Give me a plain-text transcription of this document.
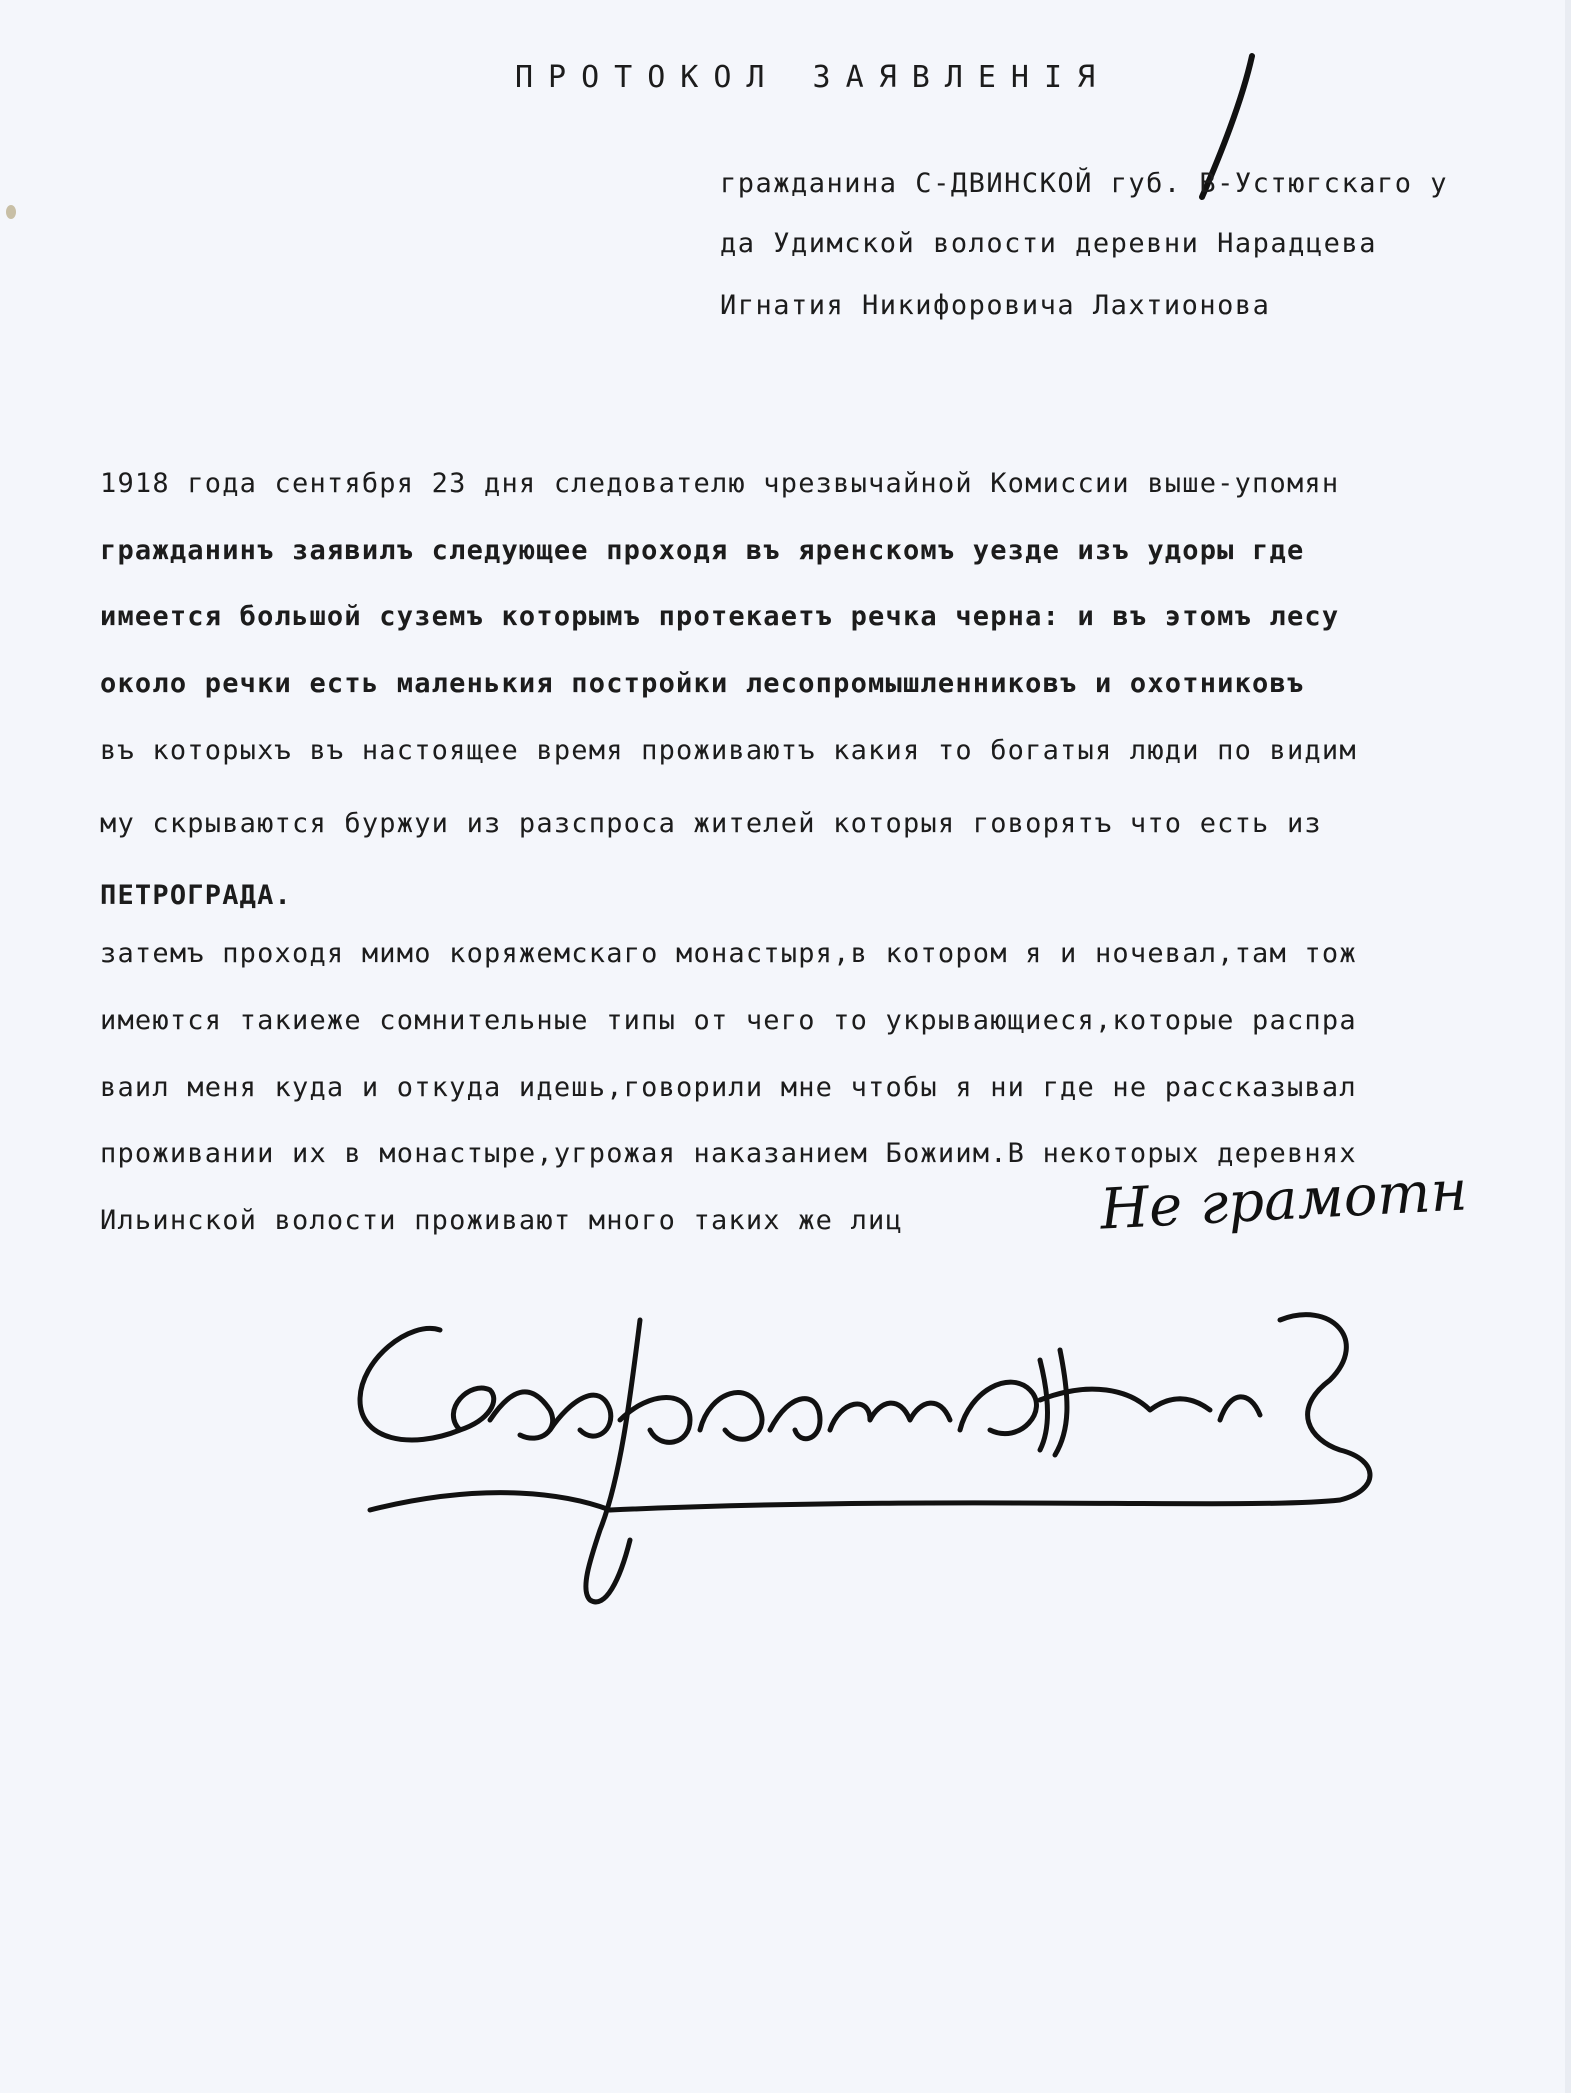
ПРОТОКОЛ ЗАЯВЛЕНІЯ
гражданина С-ДВИНСКОЙ губ. В-Устюгскаго у
да Удимской волости деревни Нарадцева
Игнатия Никифоровича Лахтионова
1918 года сентября 23 дня следователю чрезвычайной Комиссии выше-упомян
гражданинъ заявилъ следующее проходя въ яренскомъ уезде изъ удоры где
имеется большой суземъ которымъ протекаетъ речка черна: и въ этомъ лесу
около речки есть маленькия постройки лесопромышленниковъ и охотниковъ
въ которыхъ въ настоящее время проживаютъ какия то богатыя люди по видим
му скрываются буржуи из разспроса жителей которыя говорятъ что есть из
ПЕТРОГРАДА.
затемъ проходя мимо коряжемскаго монастыря,в котором я и ночевал,там тож
имеются такиеже сомнительные типы от чего то укрывающиеся,которые распра
ваил меня куда и откуда идешь,говорили мне чтобы я ни где не рассказывал
проживании их в монастыре,угрожая наказанием Божиим.В некоторых деревнях
Ильинской волости проживают много таких же лиц	Не грамотн
